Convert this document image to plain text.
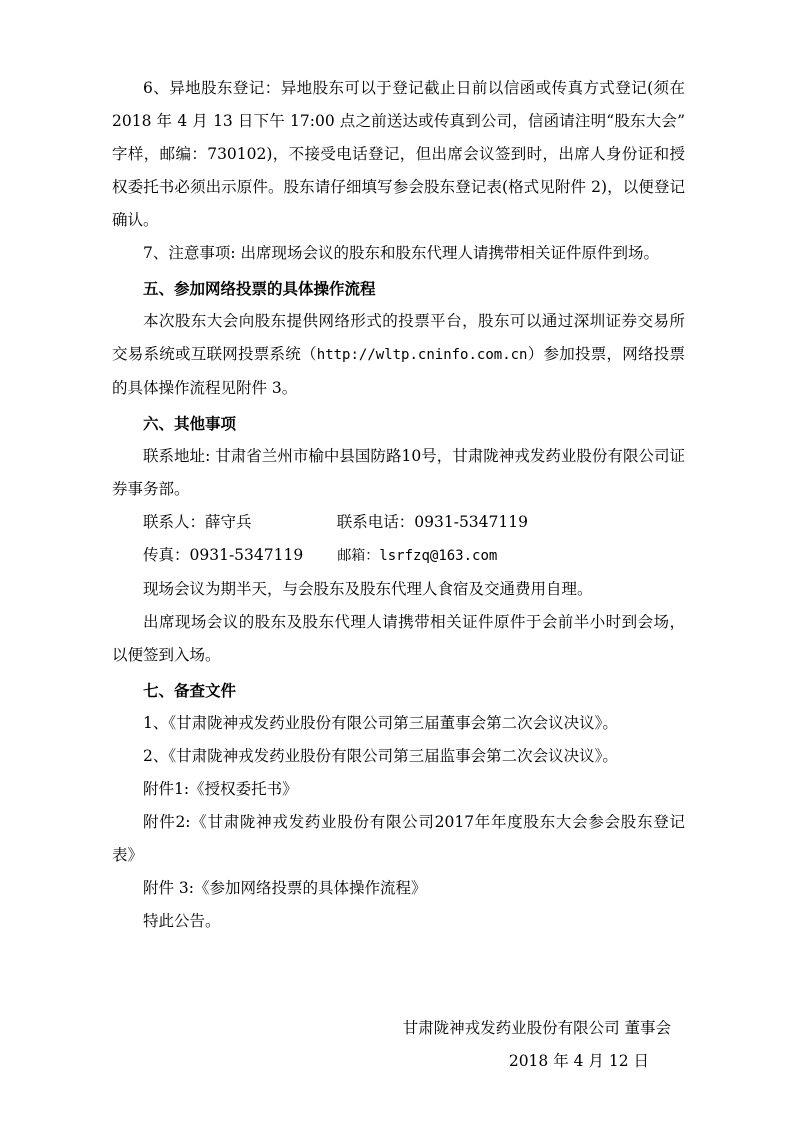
6、异地股东登记：异地股东可以于登记截止日前以信函或传真方式登记(须在 2018 年 4 月 13 日下午 17:00 点之前送达或传真到公司，信函请注明“股东大会”字样，邮编：730102)，不接受电话登记，但出席会议签到时，出席人身份证和授权委托书必须出示原件。股东请仔细填写参会股东登记表(格式见附件 2)，以便登记确认。

7、注意事项: 出席现场会议的股东和股东代理人请携带相关证件原件到场。

五、参加网络投票的具体操作流程

本次股东大会向股东提供网络形式的投票平台，股东可以通过深圳证券交易所交易系统或互联网投票系统（http://wltp.cninfo.com.cn）参加投票，网络投票的具体操作流程见附件 3。

六、其他事项

联系地址: 甘肃省兰州市榆中县国防路10号，甘肃陇神戎发药业股份有限公司证券事务部。

联系人：薛守兵	联系电话：0931-5347119

传真：0931-5347119 邮箱：lsrfzq@163.com

现场会议为期半天，与会股东及股东代理人食宿及交通费用自理。

出席现场会议的股东及股东代理人请携带相关证件原件于会前半小时到会场，以便签到入场。

七、备查文件

1、《甘肃陇神戎发药业股份有限公司第三届董事会第二次会议决议》。

2、《甘肃陇神戎发药业股份有限公司第三届监事会第二次会议决议》。

附件1:《授权委托书》

附件2:《甘肃陇神戎发药业股份有限公司2017年年度股东大会参会股东登记表》

附件 3:《参加网络投票的具体操作流程》

特此公告。

甘肃陇神戎发药业股份有限公司 董事会

2018 年 4 月 12 日
